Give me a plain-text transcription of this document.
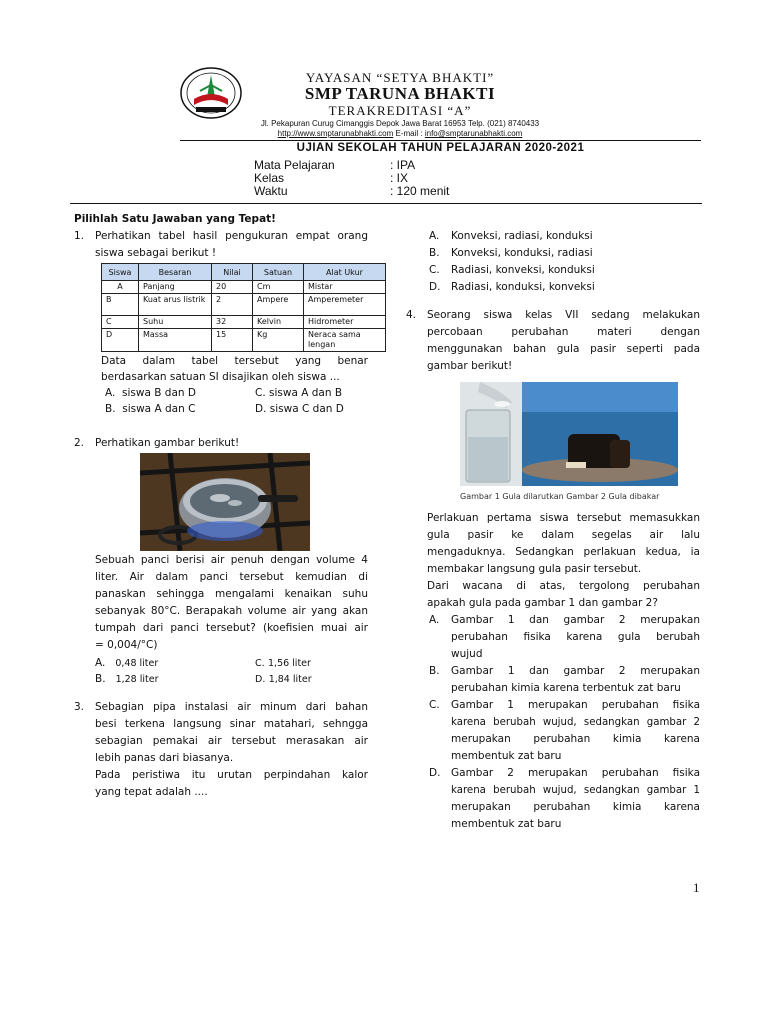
YAYASAN “SETYA BHAKTI”
SMP TARUNA BHAKTI
TERAKREDITASI “A”
Jl. Pekapuran Curug Cimanggis Depok Jawa Barat 16953 Telp. (021) 8740433
http://www.smptarunabhakti.com E-mail : info@smptarunabhakti.com
UJIAN SEKOLAH TAHUN PELAJARAN 2020-2021
Mata Pelajaran	: IPA
Kelas	: IX
Waktu	: 120 menit
Pilihlah Satu Jawaban yang Tepat!
1. Perhatikan tabel hasil pengukuran empat orang
siswa sebagai berikut !
Siswa	Besaran	Nilai	Satuan	Alat Ukur
A	Panjang	20	Cm	Mistar
B	Kuat arus listrik	2	Ampere	Amperemeter
C	Suhu	32	Kelvin	Hidrometer
D	Massa	15	Kg	Neraca sama lengan
Data dalam tabel tersebut yang benar
berdasarkan satuan SI disajikan oleh siswa ...
A. siswa B dan D	C. siswa A dan B
B. siswa A dan C	D. siswa C dan D
2. Perhatikan gambar berikut!
Sebuah panci berisi air penuh dengan volume 4
liter. Air dalam panci tersebut kemudian di
panaskan sehingga mengalami kenaikan suhu
sebanyak 80°C. Berapakah volume air yang akan
tumpah dari panci tersebut? (koefisien muai air
= 0,004/°C)
A. 0,48 liter	C. 1,56 liter
B. 1,28 liter	D. 1,84 liter
3. Sebagian pipa instalasi air minum dari bahan
besi terkena langsung sinar matahari, sehngga
sebagian pemakai air tersebut merasakan air
lebih panas dari biasanya.
Pada peristiwa itu urutan perpindahan kalor
yang tepat adalah ....
A. Konveksi, radiasi, konduksi
B. Konveksi, konduksi, radiasi
C. Radiasi, konveksi, konduksi
D. Radiasi, konduksi, konveksi
4. Seorang siswa kelas VII sedang melakukan
percobaan perubahan materi dengan
menggunakan bahan gula pasir seperti pada
gambar berikut!
Gambar 1 Gula dilarutkan Gambar 2 Gula dibakar
Perlakuan pertama siswa tersebut memasukkan
gula pasir ke dalam segelas air lalu
mengaduknya. Sedangkan perlakuan kedua, ia
membakar langsung gula pasir tersebut.
Dari wacana di atas, tergolong perubahan
apakah gula pada gambar 1 dan gambar 2?
A. Gambar 1 dan gambar 2 merupakan
perubahan fisika karena gula berubah
wujud
B. Gambar 1 dan gambar 2 merupakan
perubahan kimia karena terbentuk zat baru
C. Gambar 1 merupakan perubahan fisika
karena berubah wujud, sedangkan gambar 2
merupakan perubahan kimia karena
membentuk zat baru
D. Gambar 2 merupakan perubahan fisika
karena berubah wujud, sedangkan gambar 1
merupakan perubahan kimia karena
membentuk zat baru
1
